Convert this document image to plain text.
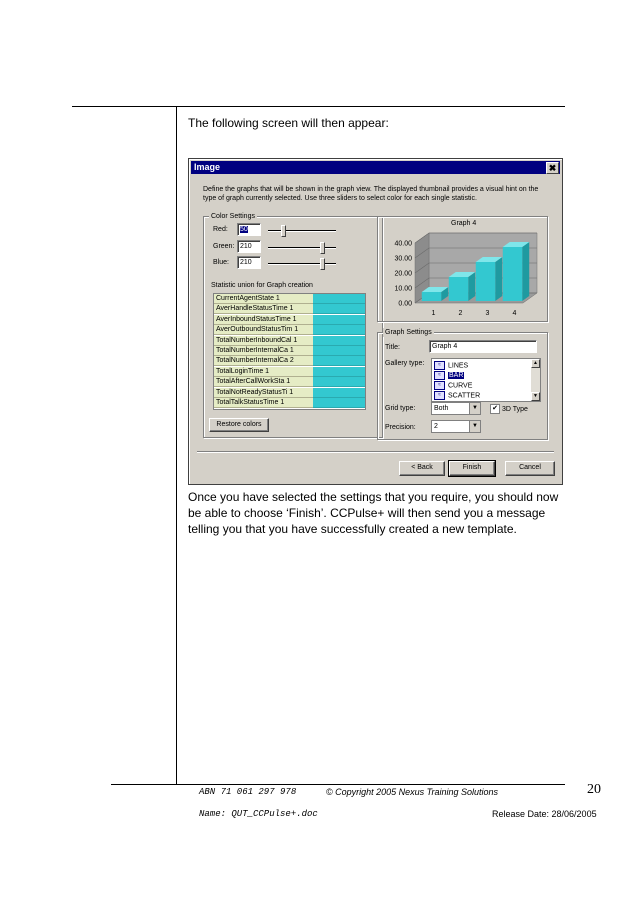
The following screen will then appear:
Image	✖
Define the graphs that will be shown in the graph view. The displayed thumbnail provides a visual hint on the type of graph currently selected. Use three sliders to select color for each single statistic.
Color Settings
Red:	50
Green: 210
Blue:	210
Statistic union for Graph creation
CurrentAgentState 1
AverHandleStatusTime 1
AverInboundStatusTime 1
AverOutboundStatusTim 1
TotalNumberInboundCal 1
TotalNumberInternalCa 1
TotalNumberInternalCa 2
TotalLoginTime 1
TotalAfterCallWorkSta 1
TotalNotReadyStatusTi 1
TotalTalkStatusTime 1
Restore colors
Graph 4
40.00
30.00
20.00
10.00
0.00
1	2	3	4
Graph Settings
Title:	Graph 4
Gallery type:	▲
▼
≈ LINES
≈ BAR
≈ CURVE
≈ SCATTER
Grid type:	Both	▼ ✔ 3D Type
Precision:	2	▼
< Back	Finish	Cancel
Once you have selected the settings that you require, you should now be able to choose ‘Finish’. CCPulse+ will then send you a message telling you that you have successfully created a new template.
ABN 71 061 297 978	© Copyright 2005 Nexus Training Solutions	20
Name: QUT_CCPulse+.doc	Release Date: 28/06/2005
